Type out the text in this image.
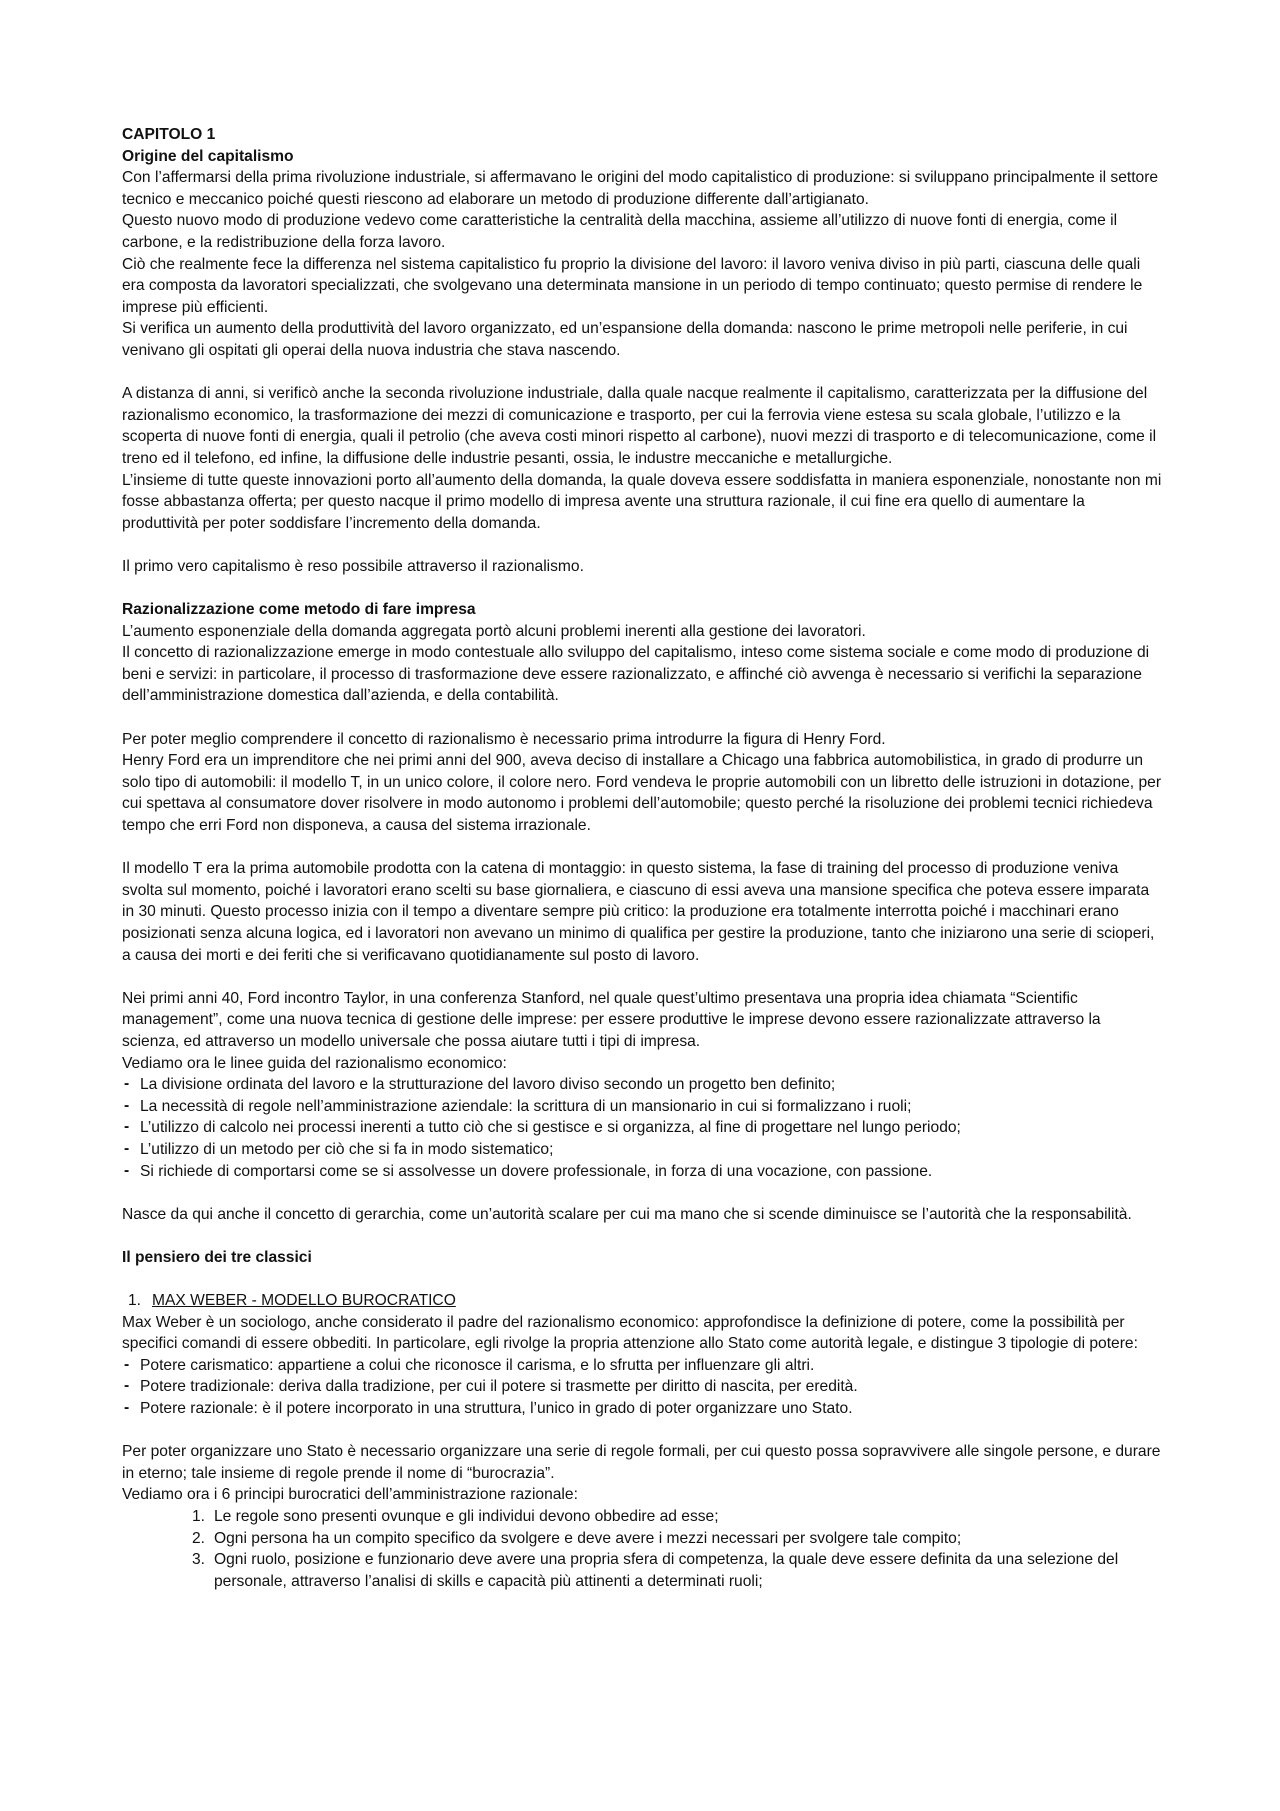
CAPITOLO 1

Origine del capitalismo

Con l’affermarsi della prima rivoluzione industriale, si affermavano le origini del modo capitalistico di produzione: si sviluppano principalmente il settore tecnico e meccanico poiché questi riescono ad elaborare un metodo di produzione differente dall’artigianato.

Questo nuovo modo di produzione vedevo come caratteristiche la centralità della macchina, assieme all’utilizzo di nuove fonti di energia, come il carbone, e la redistribuzione della forza lavoro.

Ciò che realmente fece la differenza nel sistema capitalistico fu proprio la divisione del lavoro: il lavoro veniva diviso in più parti, ciascuna delle quali era composta da lavoratori specializzati, che svolgevano una determinata mansione in un periodo di tempo continuato; questo permise di rendere le imprese più efficienti.

Si verifica un aumento della produttività del lavoro organizzato, ed un’espansione della domanda: nascono le prime metropoli nelle periferie, in cui venivano gli ospitati gli operai della nuova industria che stava nascendo.

A distanza di anni, si verificò anche la seconda rivoluzione industriale, dalla quale nacque realmente il capitalismo, caratterizzata per la diffusione del razionalismo economico, la trasformazione dei mezzi di comunicazione e trasporto, per cui la ferrovia viene estesa su scala globale, l’utilizzo e la scoperta di nuove fonti di energia, quali il petrolio (che aveva costi minori rispetto al carbone), nuovi mezzi di trasporto e di telecomunicazione, come il treno ed il telefono, ed infine, la diffusione delle industrie pesanti, ossia, le industre meccaniche e metallurgiche.

L’insieme di tutte queste innovazioni porto all’aumento della domanda, la quale doveva essere soddisfatta in maniera esponenziale, nonostante non mi fosse abbastanza offerta; per questo nacque il primo modello di impresa avente una struttura razionale, il cui fine era quello di aumentare la produttività per poter soddisfare l’incremento della domanda.

Il primo vero capitalismo è reso possibile attraverso il razionalismo.

Razionalizzazione come metodo di fare impresa

L’aumento esponenziale della domanda aggregata portò alcuni problemi inerenti alla gestione dei lavoratori.

Il concetto di razionalizzazione emerge in modo contestuale allo sviluppo del capitalismo, inteso come sistema sociale e come modo di produzione di beni e servizi: in particolare, il processo di trasformazione deve essere razionalizzato, e affinché ciò avvenga è necessario si verifichi la separazione dell’amministrazione domestica dall’azienda, e della contabilità.

Per poter meglio comprendere il concetto di razionalismo è necessario prima introdurre la figura di Henry Ford.

Henry Ford era un imprenditore che nei primi anni del 900, aveva deciso di installare a Chicago una fabbrica automobilistica, in grado di produrre un solo tipo di automobili: il modello T, in un unico colore, il colore nero. Ford vendeva le proprie automobili con un libretto delle istruzioni in dotazione, per cui spettava al consumatore dover risolvere in modo autonomo i problemi dell’automobile; questo perché la risoluzione dei problemi tecnici richiedeva tempo che erri Ford non disponeva, a causa del sistema irrazionale.

Il modello T era la prima automobile prodotta con la catena di montaggio: in questo sistema, la fase di training del processo di produzione veniva svolta sul momento, poiché i lavoratori erano scelti su base giornaliera, e ciascuno di essi aveva una mansione specifica che poteva essere imparata in 30 minuti. Questo processo inizia con il tempo a diventare sempre più critico: la produzione era totalmente interrotta poiché i macchinari erano posizionati senza alcuna logica, ed i lavoratori non avevano un minimo di qualifica per gestire la produzione, tanto che iniziarono una serie di scioperi, a causa dei morti e dei feriti che si verificavano quotidianamente sul posto di lavoro.

Nei primi anni 40, Ford incontro Taylor, in una conferenza Stanford, nel quale quest’ultimo presentava una propria idea chiamata “Scientific management”, come una nuova tecnica di gestione delle imprese: per essere produttive le imprese devono essere razionalizzate attraverso la scienza, ed attraverso un modello universale che possa aiutare tutti i tipi di impresa.

Vediamo ora le linee guida del razionalismo economico:

- La divisione ordinata del lavoro e la strutturazione del lavoro diviso secondo un progetto ben definito;
- La necessità di regole nell’amministrazione aziendale: la scrittura di un mansionario in cui si formalizzano i ruoli;
- L’utilizzo di calcolo nei processi inerenti a tutto ciò che si gestisce e si organizza, al fine di progettare nel lungo periodo;
- L’utilizzo di un metodo per ciò che si fa in modo sistematico;
- Si richiede di comportarsi come se si assolvesse un dovere professionale, in forza di una vocazione, con passione.

Nasce da qui anche il concetto di gerarchia, come un’autorità scalare per cui ma mano che si scende diminuisce se l’autorità che la responsabilità.

Il pensiero dei tre classici

1. MAX WEBER - MODELLO BUROCRATICO

Max Weber è un sociologo, anche considerato il padre del razionalismo economico: approfondisce la definizione di potere, come la possibilità per specifici comandi di essere obbediti. In particolare, egli rivolge la propria attenzione allo Stato come autorità legale, e distingue 3 tipologie di potere:

- Potere carismatico: appartiene a colui che riconosce il carisma, e lo sfrutta per influenzare gli altri.
- Potere tradizionale: deriva dalla tradizione, per cui il potere si trasmette per diritto di nascita, per eredità.
- Potere razionale: è il potere incorporato in una struttura, l’unico in grado di poter organizzare uno Stato.

Per poter organizzare uno Stato è necessario organizzare una serie di regole formali, per cui questo possa sopravvivere alle singole persone, e durare in eterno; tale insieme di regole prende il nome di “burocrazia”.

Vediamo ora i 6 principi burocratici dell’amministrazione razionale:

1. Le regole sono presenti ovunque e gli individui devono obbedire ad esse;
2. Ogni persona ha un compito specifico da svolgere e deve avere i mezzi necessari per svolgere tale compito;
3. Ogni ruolo, posizione e funzionario deve avere una propria sfera di competenza, la quale deve essere definita da una selezione del personale, attraverso l’analisi di skills e capacità più attinenti a determinati ruoli;
